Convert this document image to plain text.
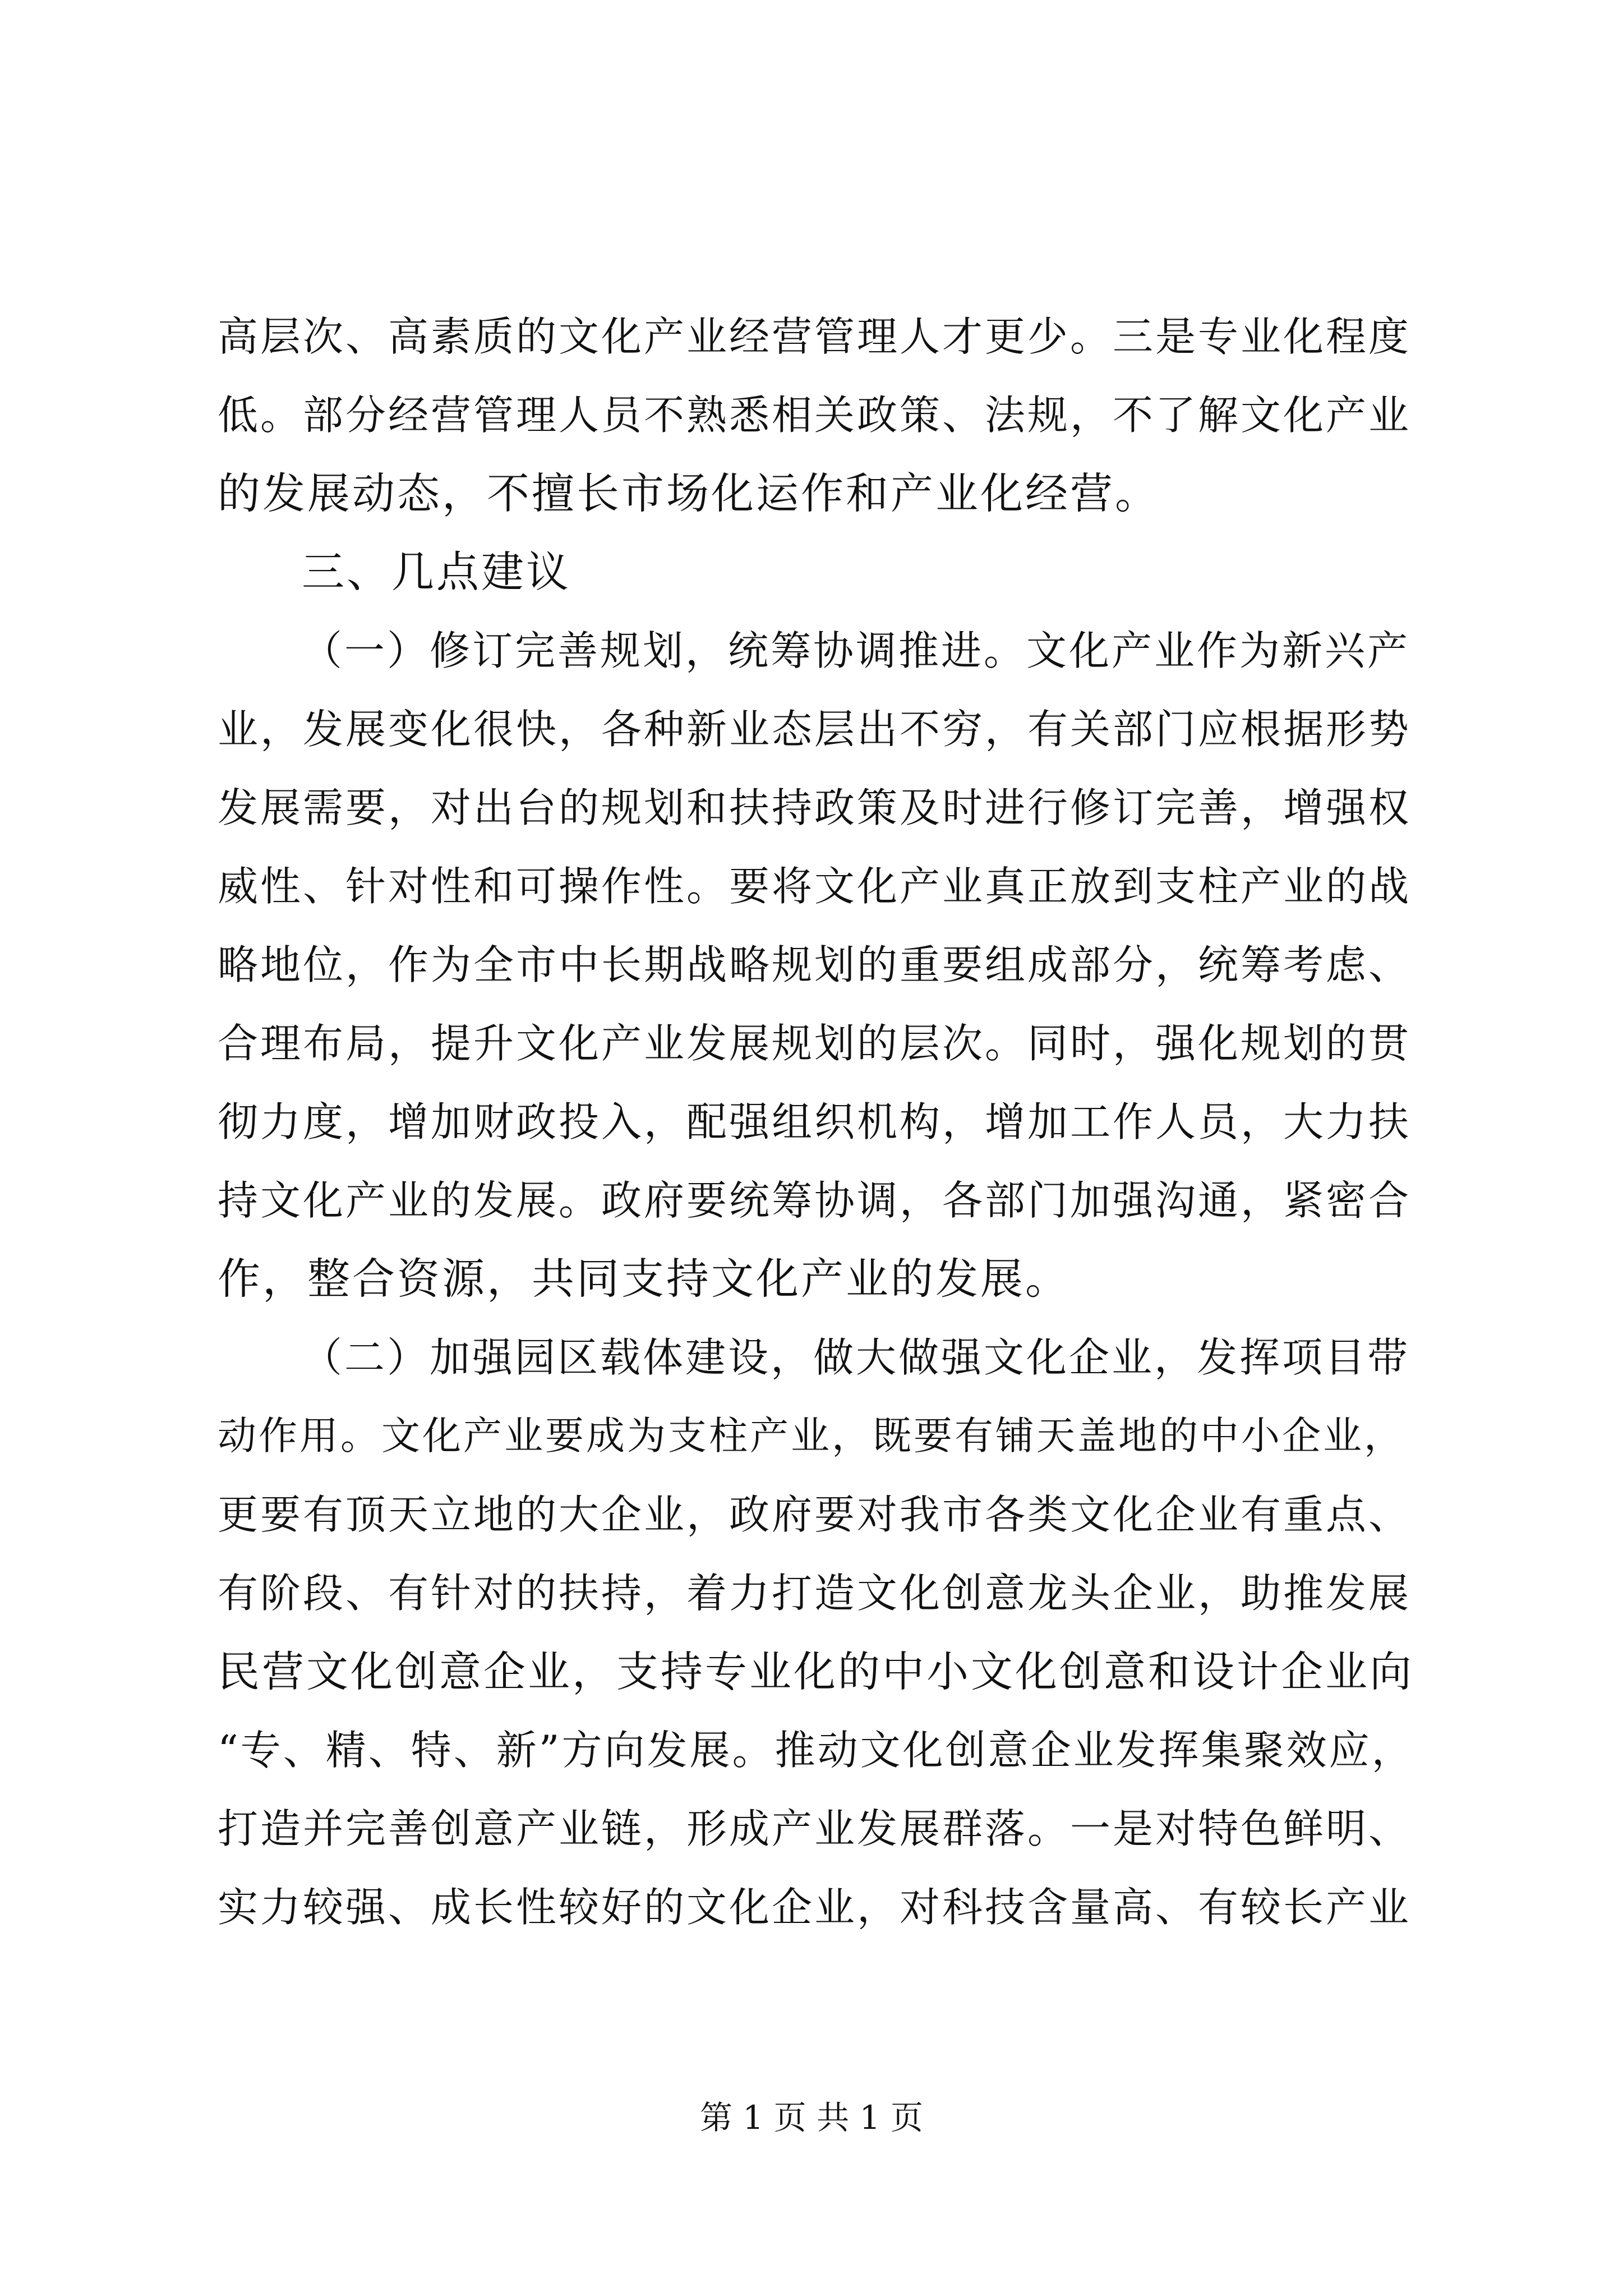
高层次、高素质的文化产业经营管理人才更少。三是专业化程度
低。部分经营管理人员不熟悉相关政策、法规，不了解文化产业
的发展动态，不擅长市场化运作和产业化经营。
三、几点建议
（一）修订完善规划，统筹协调推进。文化产业作为新兴产
业，发展变化很快，各种新业态层出不穷，有关部门应根据形势
发展需要，对出台的规划和扶持政策及时进行修订完善，增强权
威性、针对性和可操作性。要将文化产业真正放到支柱产业的战
略地位，作为全市中长期战略规划的重要组成部分，统筹考虑、
合理布局，提升文化产业发展规划的层次。同时，强化规划的贯
彻力度，增加财政投入，配强组织机构，增加工作人员，大力扶
持文化产业的发展。政府要统筹协调，各部门加强沟通，紧密合
作，整合资源，共同支持文化产业的发展。
（二）加强园区载体建设，做大做强文化企业，发挥项目带
动作用。文化产业要成为支柱产业，既要有铺天盖地的中小企业，
更要有顶天立地的大企业，政府要对我市各类文化企业有重点、
有阶段、有针对的扶持，着力打造文化创意龙头企业，助推发展
民营文化创意企业，支持专业化的中小文化创意和设计企业向
“专、精、特、新”方向发展。推动文化创意企业发挥集聚效应，
打造并完善创意产业链，形成产业发展群落。一是对特色鲜明、
实力较强、成长性较好的文化企业，对科技含量高、有较长产业
第 1 页 共 1 页
